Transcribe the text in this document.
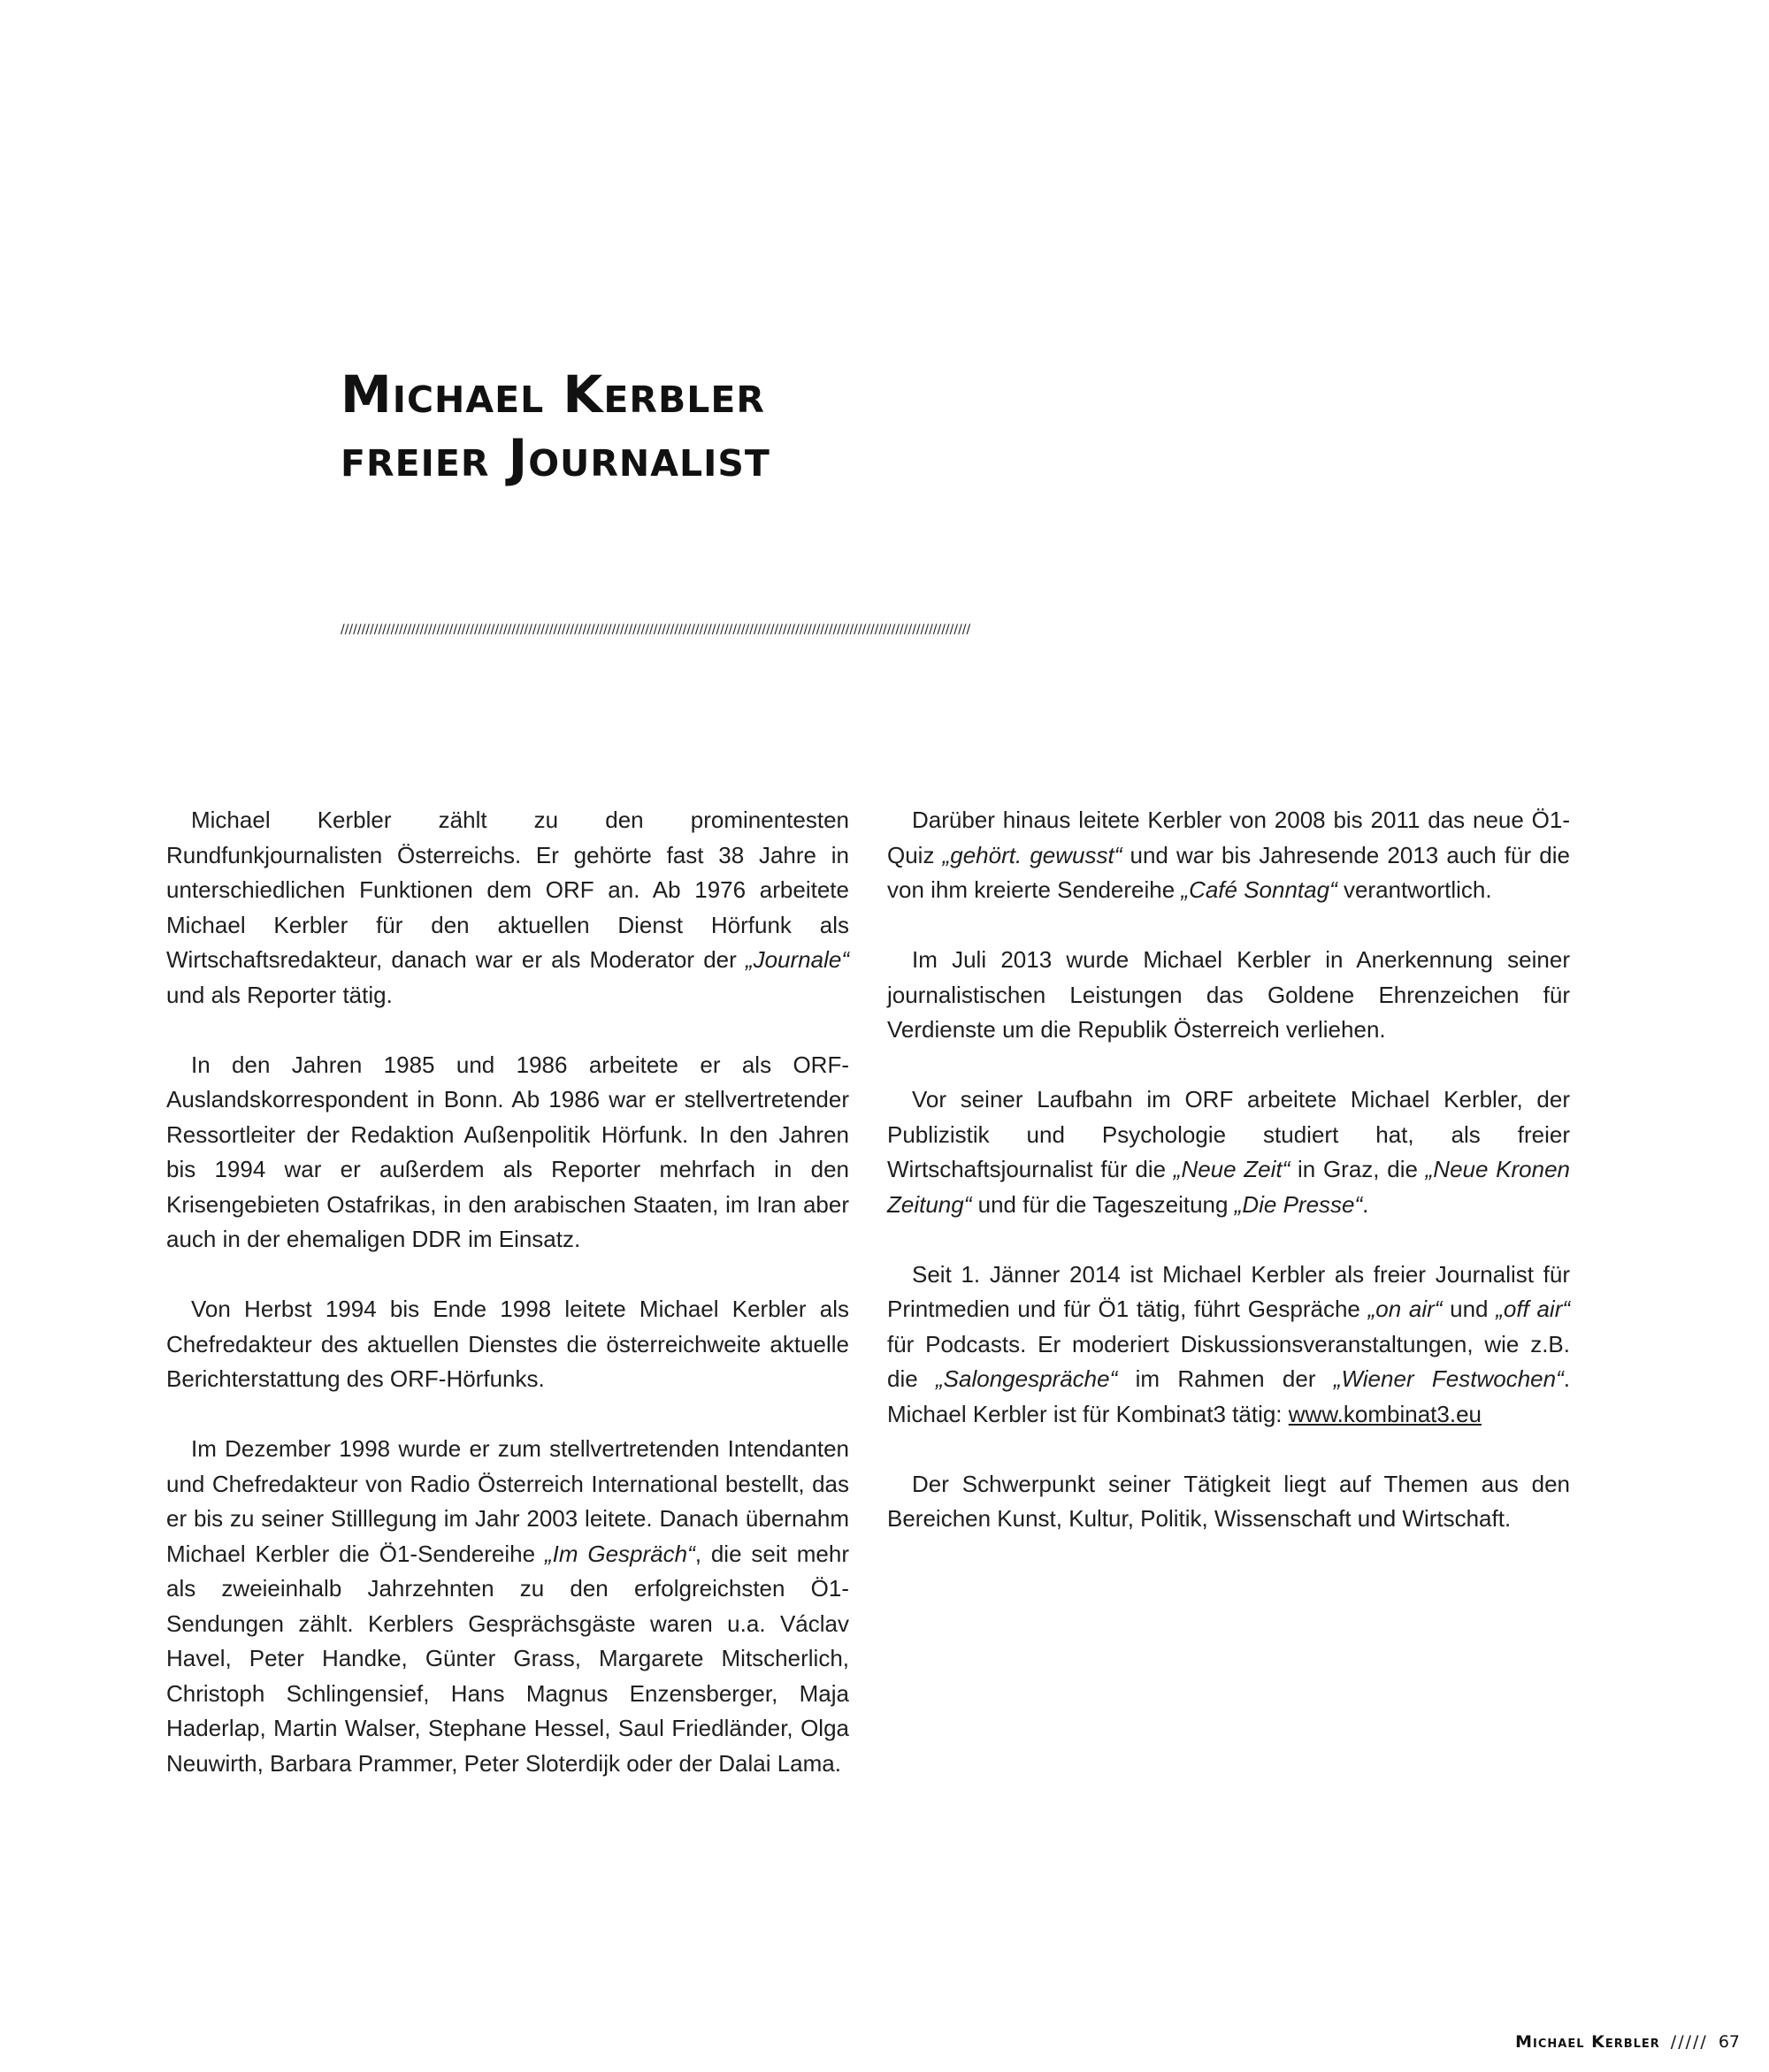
Michael Kerbler
freier Journalist
///////////////////////////////////////////////////////////////////////////////////////////////////////////////////////////////////////////////////////

Michael Kerbler zählt zu den prominentesten Rundfunkjournalisten Österreichs. Er gehörte fast 38 Jahre in unterschiedlichen Funktionen dem ORF an. Ab 1976 arbeitete Michael Kerbler für den aktuellen Dienst Hörfunk als Wirtschaftsredakteur, danach war er als Moderator der „Journale“ und als Reporter tätig.

In den Jahren 1985 und 1986 arbeitete er als ORF-Auslandskorrespondent in Bonn. Ab 1986 war er stellvertretender Ressortleiter der Redaktion Außenpolitik Hörfunk. In den Jahren bis 1994 war er außerdem als Reporter mehrfach in den Krisengebieten Ostafrikas, in den arabischen Staaten, im Iran aber auch in der ehemaligen DDR im Einsatz.

Von Herbst 1994 bis Ende 1998 leitete Michael Kerbler als Chefredakteur des aktuellen Dienstes die österreichweite aktuelle Berichterstattung des ORF-Hörfunks.

Im Dezember 1998 wurde er zum stellvertretenden Intendanten und Chefredakteur von Radio Österreich International bestellt, das er bis zu seiner Stilllegung im Jahr 2003 leitete. Danach übernahm Michael Kerbler die Ö1-Sendereihe „Im Gespräch“, die seit mehr als zweieinhalb Jahrzehnten zu den erfolgreichsten Ö1-Sendungen zählt. Kerblers Gesprächsgäste waren u.a. Václav Havel, Peter Handke, Günter Grass, Margarete Mitscherlich, Christoph Schlingensief, Hans Magnus Enzensberger, Maja Haderlap, Martin Walser, Stephane Hessel, Saul Friedländer, Olga Neuwirth, Barbara Prammer, Peter Sloterdijk oder der Dalai Lama.

Darüber hinaus leitete Kerbler von 2008 bis 2011 das neue Ö1-Quiz „gehört. gewusst“ und war bis Jahresende 2013 auch für die von ihm kreierte Sendereihe „Café Sonntag“ verantwortlich.

Im Juli 2013 wurde Michael Kerbler in Anerkennung seiner journalistischen Leistungen das Goldene Ehrenzeichen für Verdienste um die Republik Österreich verliehen.

Vor seiner Laufbahn im ORF arbeitete Michael Kerbler, der Publizistik und Psychologie studiert hat, als freier Wirtschaftsjournalist für die „Neue Zeit“ in Graz, die „Neue Kronen Zeitung“ und für die Tageszeitung „Die Presse“.

Seit 1. Jänner 2014 ist Michael Kerbler als freier Journalist für Printmedien und für Ö1 tätig, führt Gespräche „on air“ und „off air“ für Podcasts. Er moderiert Diskussionsveranstaltungen, wie z.B. die „Salongespräche“ im Rahmen der „Wiener Festwochen“. Michael Kerbler ist für Kombinat3 tätig: www.kombinat3.eu

Der Schwerpunkt seiner Tätigkeit liegt auf Themen aus den Bereichen Kunst, Kultur, Politik, Wissenschaft und Wirtschaft.

Michael Kerbler ///// 67
